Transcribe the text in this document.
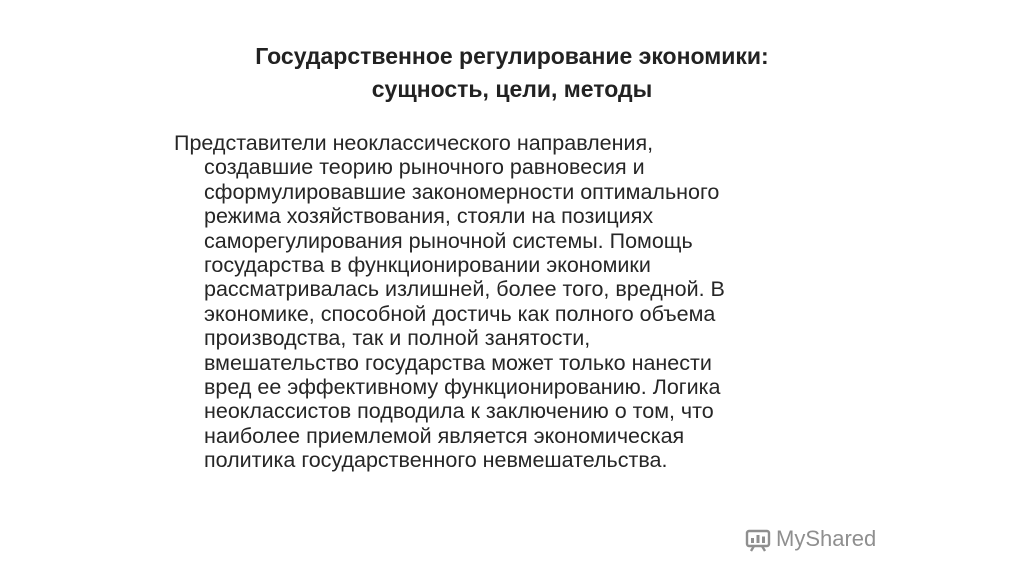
Государственное регулирование экономики:
сущность, цели, методы
Представители неоклассического направления,
создавшие теорию рыночного равновесия и
сформулировавшие закономерности оптимального
режима хозяйствования, стояли на позициях
саморегулирования рыночной системы. Помощь
государства в функционировании экономики
рассматривалась излишней, более того, вредной. В
экономике, способной достичь как полного объема
производства, так и полной занятости,
вмешательство государства может только нанести
вред ее эффективному функционированию. Логика
неоклассистов подводила к заключению о том, что
наиболее приемлемой является экономическая
политика государственного невмешательства.
MyShared
